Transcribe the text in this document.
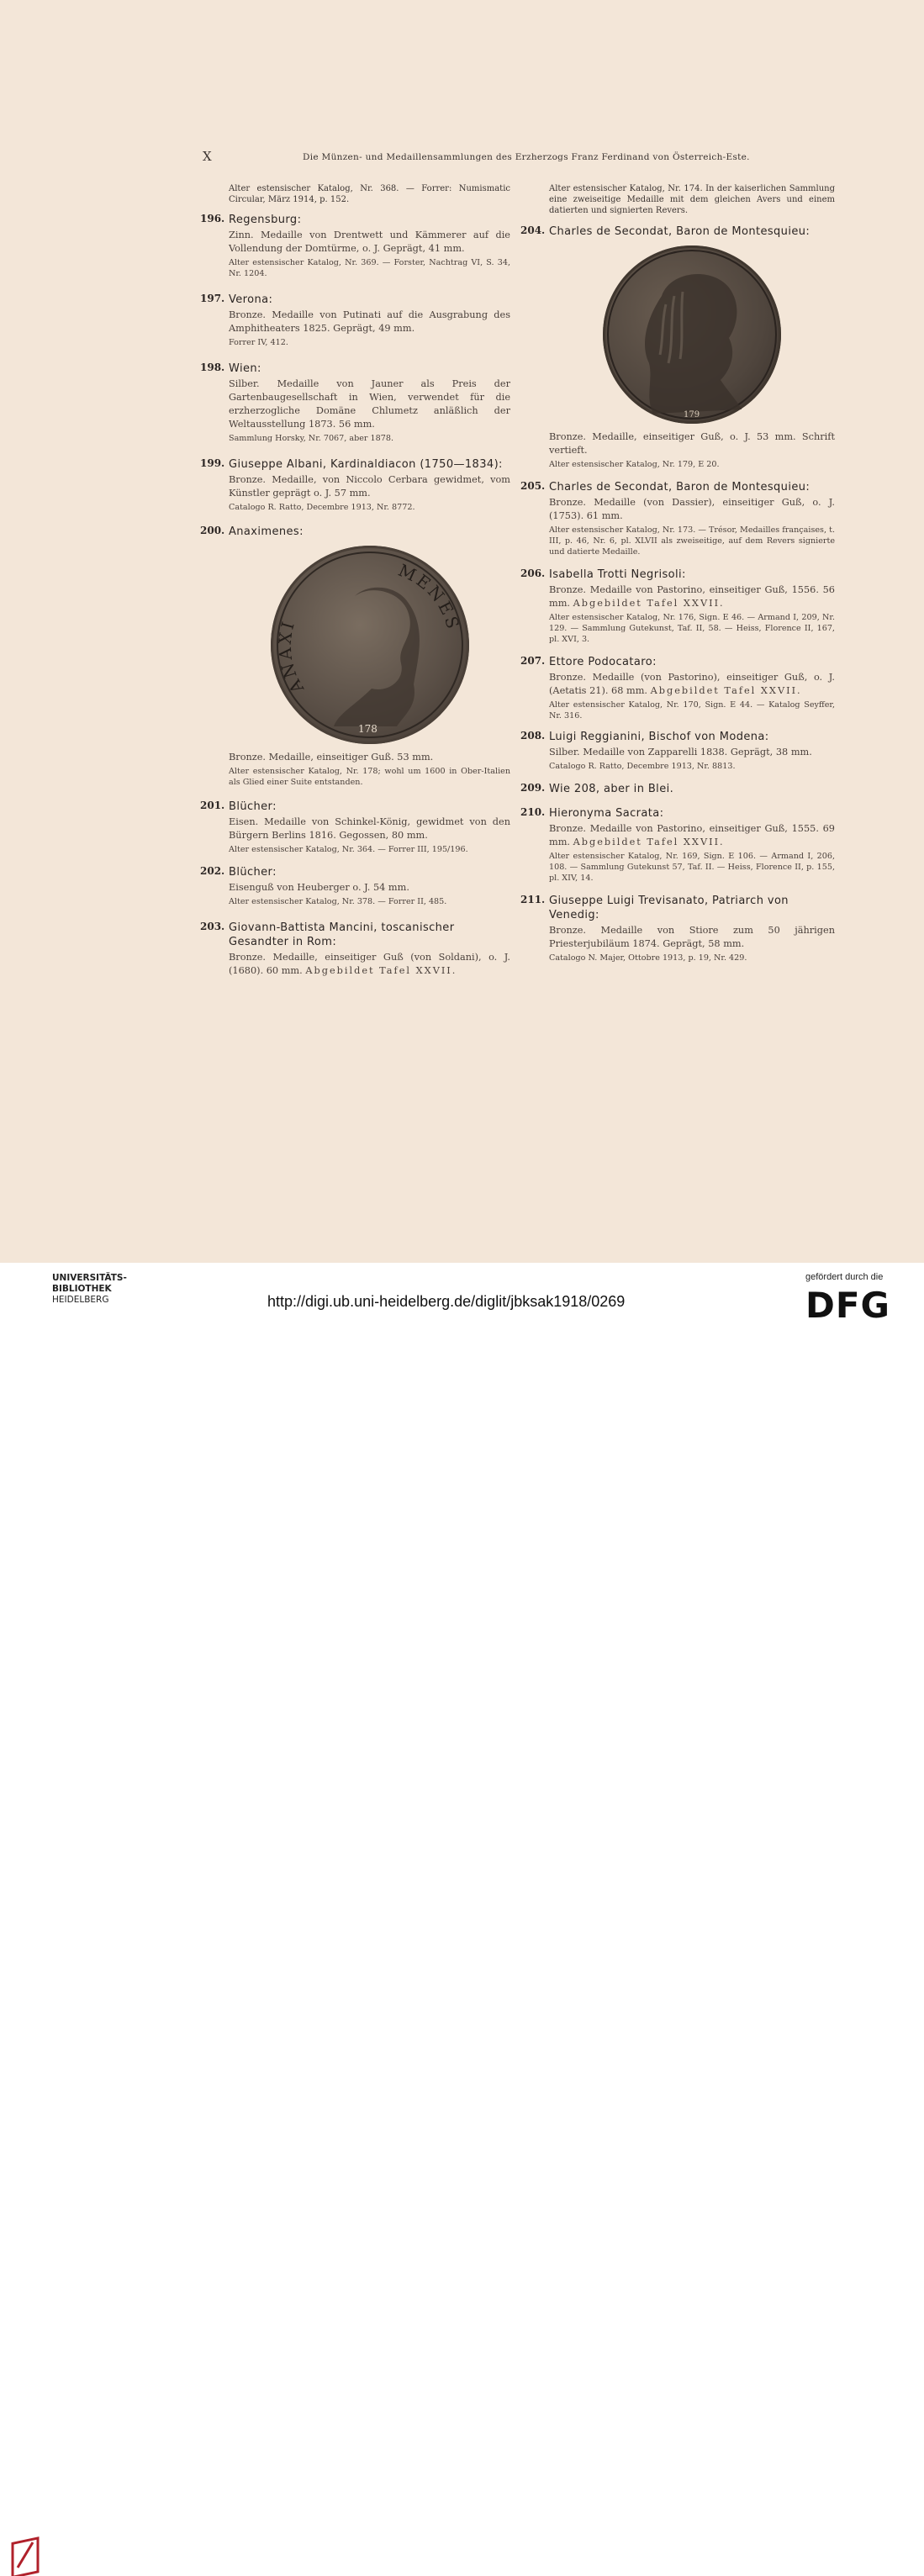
X	Die Münzen- und Medaillensammlungen des Erzherzogs Franz Ferdinand von Österreich-Este.

Alter estensischer Katalog, Nr. 368. — Forrer: Numismatic Circular, März 1914, p. 152.

196. Regensburg:

Zinn. Medaille von Drentwett und Kämmerer auf die Vollendung der Domtürme, o. J. Geprägt, 41 mm.

Alter estensischer Katalog, Nr. 369. — Forster, Nachtrag VI, S. 34, Nr. 1204.

197. Verona:

Bronze. Medaille von Putinati auf die Ausgrabung des Amphitheaters 1825. Geprägt, 49 mm.

Forrer IV, 412.

198. Wien:

Silber. Medaille von Jauner als Preis der Gartenbaugesellschaft in Wien, verwendet für die erzherzogliche Domäne Chlumetz anläßlich der Weltausstellung 1873. 56 mm.

Sammlung Horsky, Nr. 7067, aber 1878.

199. Giuseppe Albani, Kardinaldiacon (1750—1834):

Bronze. Medaille, von Niccolo Cerbara gewidmet, vom Künstler geprägt o. J. 57 mm.

Catalogo R. Ratto, Decembre 1913, Nr. 8772.

200. Anaximenes:

ANAXI
MENES
178

Bronze. Medaille, einseitiger Guß. 53 mm.

Alter estensischer Katalog, Nr. 178; wohl um 1600 in Ober-Italien als Glied einer Suite entstanden.

201. Blücher:

Eisen. Medaille von Schinkel-König, gewidmet von den Bürgern Berlins 1816. Gegossen, 80 mm.

Alter estensischer Katalog, Nr. 364. — Forrer III, 195/196.

202. Blücher:

Eisenguß von Heuberger o. J. 54 mm.

Alter estensischer Katalog, Nr. 378. — Forrer II, 485.

203. Giovann-Battista Mancini, toscanischer Gesandter in Rom:

Bronze. Medaille, einseitiger Guß (von Soldani), o. J. (1680). 60 mm. Abgebildet Tafel XXVII.

Alter estensischer Katalog, Nr. 174. In der kaiserlichen Sammlung eine zweiseitige Medaille mit dem gleichen Avers und einem datierten und signierten Revers.

204. Charles de Secondat, Baron de Montesquieu:

179

Bronze. Medaille, einseitiger Guß, o. J. 53 mm. Schrift vertieft.

Alter estensischer Katalog, Nr. 179, E 20.

205. Charles de Secondat, Baron de Montesquieu:

Bronze. Medaille (von Dassier), einseitiger Guß, o. J. (1753). 61 mm.

Alter estensischer Katalog, Nr. 173. — Trésor, Medailles françaises, t. III, p. 46, Nr. 6, pl. XLVII als zweiseitige, auf dem Revers signierte und datierte Medaille.

206. Isabella Trotti Negrisoli:

Bronze. Medaille von Pastorino, einseitiger Guß, 1556. 56 mm. Abgebildet Tafel XXVII.

Alter estensischer Katalog, Nr. 176, Sign. E 46. — Armand I, 209, Nr. 129. — Sammlung Gutekunst, Taf. II, 58. — Heiss, Florence II, 167, pl. XVI, 3.

207. Ettore Podocataro:

Bronze. Medaille (von Pastorino), einseitiger Guß, o. J. (Aetatis 21). 68 mm. Abgebildet Tafel XXVII.

Alter estensischer Katalog, Nr. 170, Sign. E 44. — Katalog Seyffer, Nr. 316.

208. Luigi Reggianini, Bischof von Modena:

Silber. Medaille von Zapparelli 1838. Geprägt, 38 mm.

Catalogo R. Ratto, Decembre 1913, Nr. 8813.

209. Wie 208, aber in Blei.

210. Hieronyma Sacrata:

Bronze. Medaille von Pastorino, einseitiger Guß, 1555. 69 mm. Abgebildet Tafel XXVII.

Alter estensischer Katalog, Nr. 169, Sign. E 106. — Armand I, 206, 108. — Sammlung Gutekunst 57, Taf. II. — Heiss, Florence II, p. 155, pl. XIV, 14.

211. Giuseppe Luigi Trevisanato, Patriarch von Venedig:

Bronze. Medaille von Stiore zum 50 jährigen Priesterjubiläum 1874. Geprägt, 58 mm.

Catalogo N. Majer, Ottobre 1913, p. 19, Nr. 429.

UNIVERSITÄTS-
BIBLIOTHEK
HEIDELBERG	http://digi.ub.uni-heidelberg.de/diglit/jbksak1918/0269
gefördert durch die
DFG
